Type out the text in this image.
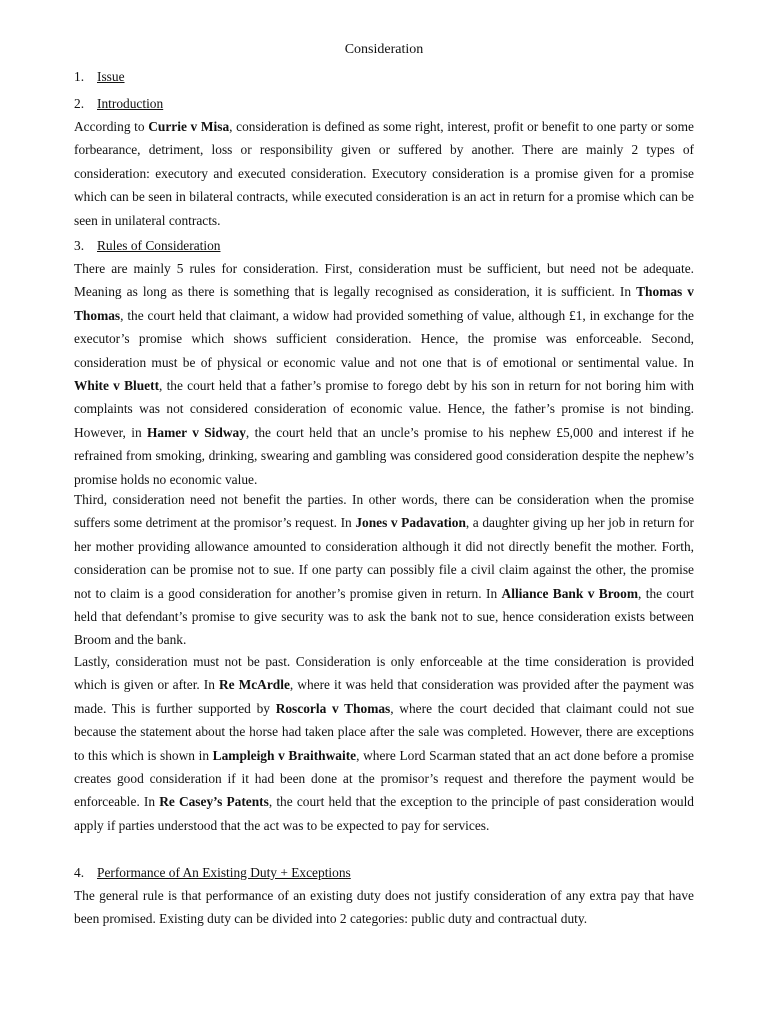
Consideration
1. Issue
2. Introduction

According to Currie v Misa, consideration is defined as some right, interest, profit or benefit to one party or some forbearance, detriment, loss or responsibility given or suffered by another. There are mainly 2 types of consideration: executory and executed consideration. Executory consideration is a promise given for a promise which can be seen in bilateral contracts, while executed consideration is an act in return for a promise which can be seen in unilateral contracts.

3. Rules of Consideration

There are mainly 5 rules for consideration. First, consideration must be sufficient, but need not be adequate. Meaning as long as there is something that is legally recognised as consideration, it is sufficient. In Thomas v Thomas, the court held that claimant, a widow had provided something of value, although £1, in exchange for the executor’s promise which shows sufficient consideration. Hence, the promise was enforceable. Second, consideration must be of physical or economic value and not one that is of emotional or sentimental value. In White v Bluett, the court held that a father’s promise to forego debt by his son in return for not boring him with complaints was not considered consideration of economic value. Hence, the father’s promise is not binding. However, in Hamer v Sidway, the court held that an uncle’s promise to his nephew £5,000 and interest if he refrained from smoking, drinking, swearing and gambling was considered good consideration despite the nephew’s promise holds no economic value.

Third, consideration need not benefit the parties. In other words, there can be consideration when the promise suffers some detriment at the promisor’s request. In Jones v Padavation, a daughter giving up her job in return for her mother providing allowance amounted to consideration although it did not directly benefit the mother. Forth, consideration can be promise not to sue. If one party can possibly file a civil claim against the other, the promise not to claim is a good consideration for another’s promise given in return. In Alliance Bank v Broom, the court held that defendant’s promise to give security was to ask the bank not to sue, hence consideration exists between Broom and the bank.

Lastly, consideration must not be past. Consideration is only enforceable at the time consideration is provided which is given or after. In Re McArdle, where it was held that consideration was provided after the payment was made. This is further supported by Roscorla v Thomas, where the court decided that claimant could not sue because the statement about the horse had taken place after the sale was completed. However, there are exceptions to this which is shown in Lampleigh v Braithwaite, where Lord Scarman stated that an act done before a promise creates good consideration if it had been done at the promisor’s request and therefore the payment would be enforceable. In Re Casey’s Patents, the court held that the exception to the principle of past consideration would apply if parties understood that the act was to be expected to pay for services.

4. Performance of An Existing Duty + Exceptions

The general rule is that performance of an existing duty does not justify consideration of any extra pay that have been promised. Existing duty can be divided into 2 categories: public duty and contractual duty.
